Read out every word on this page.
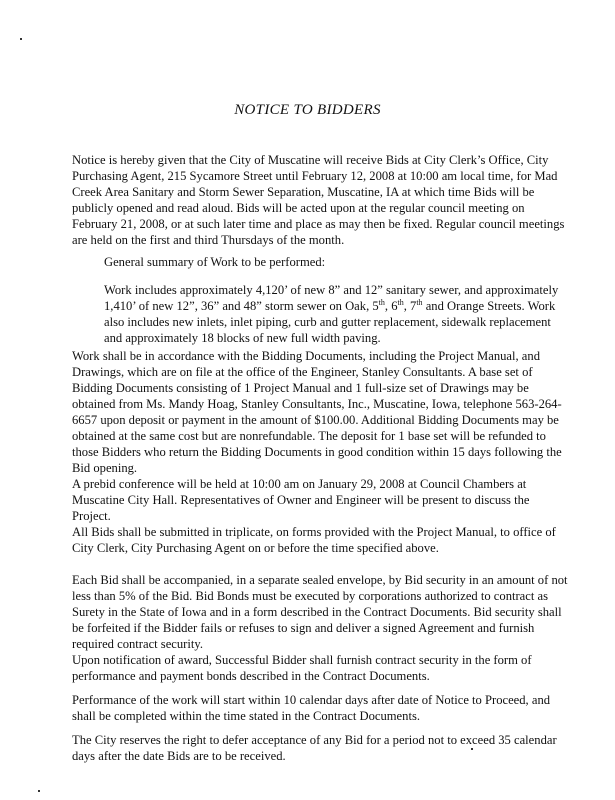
NOTICE TO BIDDERS
Notice is hereby given that the City of Muscatine will receive Bids at City Clerk’s Office, City
Purchasing Agent, 215 Sycamore Street until February 12, 2008 at 10:00 am local time, for Mad
Creek Area Sanitary and Storm Sewer Separation, Muscatine, IA at which time Bids will be
publicly opened and read aloud. Bids will be acted upon at the regular council meeting on
February 21, 2008, or at such later time and place as may then be fixed. Regular council meetings
are held on the first and third Thursdays of the month.
General summary of Work to be performed:
Work includes approximately 4,120’ of new 8” and 12” sanitary sewer, and approximately
1,410’ of new 12”, 36” and 48” storm sewer on Oak, 5th, 6th, 7th and Orange Streets. Work
also includes new inlets, inlet piping, curb and gutter replacement, sidewalk replacement
and approximately 18 blocks of new full width paving.
Work shall be in accordance with the Bidding Documents, including the Project Manual, and
Drawings, which are on file at the office of the Engineer, Stanley Consultants. A base set of
Bidding Documents consisting of 1 Project Manual and 1 full-size set of Drawings may be
obtained from Ms. Mandy Hoag, Stanley Consultants, Inc., Muscatine, Iowa, telephone 563-264-
6657 upon deposit or payment in the amount of $100.00. Additional Bidding Documents may be
obtained at the same cost but are nonrefundable. The deposit for 1 base set will be refunded to
those Bidders who return the Bidding Documents in good condition within 15 days following the
Bid opening.
A prebid conference will be held at 10:00 am on January 29, 2008 at Council Chambers at
Muscatine City Hall. Representatives of Owner and Engineer will be present to discuss the
Project.
All Bids shall be submitted in triplicate, on forms provided with the Project Manual, to office of
City Clerk, City Purchasing Agent on or before the time specified above.
Each Bid shall be accompanied, in a separate sealed envelope, by Bid security in an amount of not
less than 5% of the Bid. Bid Bonds must be executed by corporations authorized to contract as
Surety in the State of Iowa and in a form described in the Contract Documents. Bid security shall
be forfeited if the Bidder fails or refuses to sign and deliver a signed Agreement and furnish
required contract security.
Upon notification of award, Successful Bidder shall furnish contract security in the form of
performance and payment bonds described in the Contract Documents.
Performance of the work will start within 10 calendar days after date of Notice to Proceed, and
shall be completed within the time stated in the Contract Documents.
The City reserves the right to defer acceptance of any Bid for a period not to exceed 35 calendar
days after the date Bids are to be received.
